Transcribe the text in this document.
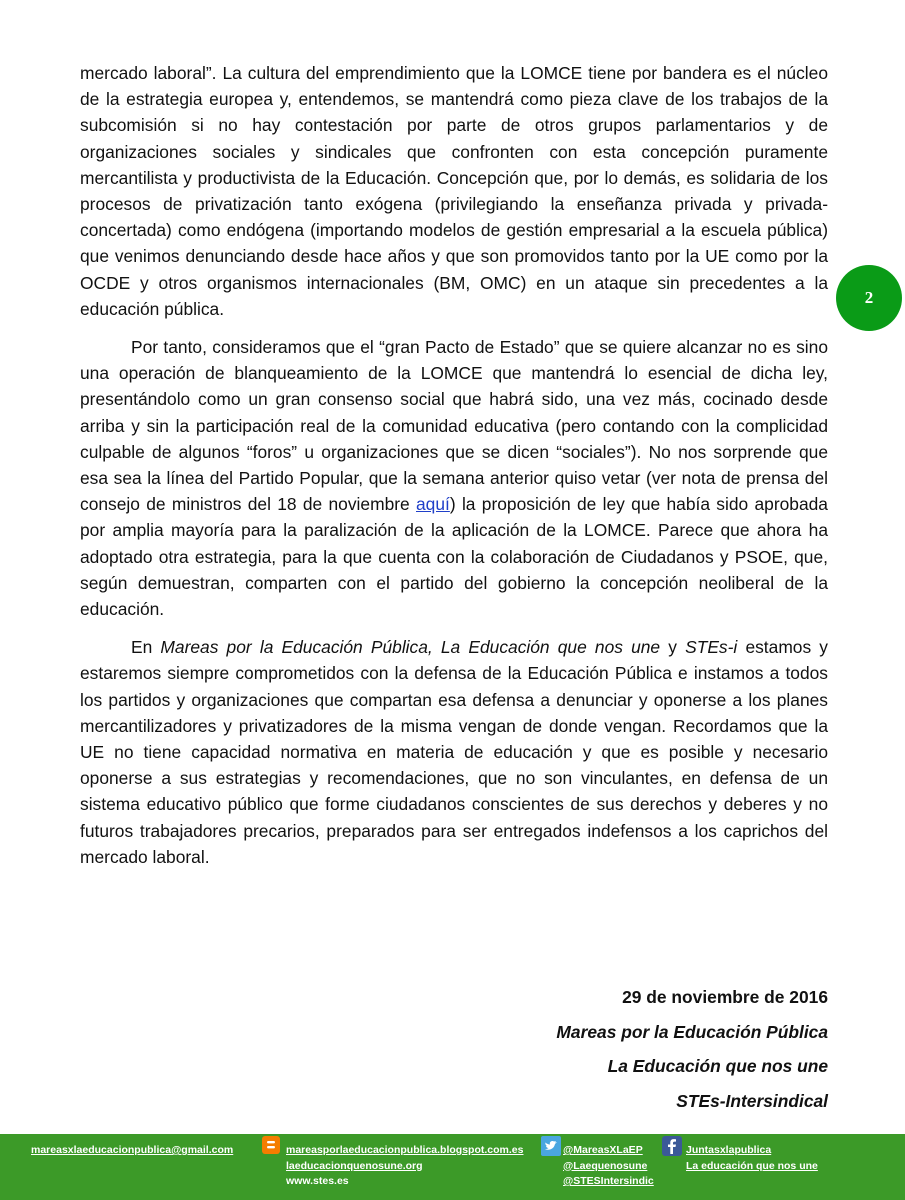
mercado laboral”. La cultura del emprendimiento que la LOMCE tiene por bandera es el núcleo de la estrategia europea y, entendemos, se mantendrá como pieza clave de los trabajos de la subcomisión si no hay contestación por parte de otros grupos parlamentarios y de organizaciones sociales y sindicales que confronten con esta concepción puramente mercantilista y productivista de la Educación. Concepción que, por lo demás, es solidaria de los procesos de privatización tanto exógena (privilegiando la enseñanza privada y privada-concertada) como endógena (importando modelos de gestión empresarial a la escuela pública) que venimos denunciando desde hace años y que son promovidos tanto por la UE como por la OCDE y otros organismos internacionales (BM, OMC) en un ataque sin precedentes a la educación pública.

Por tanto, consideramos que el “gran Pacto de Estado” que se quiere alcanzar no es sino una operación de blanqueamiento de la LOMCE que mantendrá lo esencial de dicha ley, presentándolo como un gran consenso social que habrá sido, una vez más, cocinado desde arriba y sin la participación real de la comunidad educativa (pero contando con la complicidad culpable de algunos “foros” u organizaciones que se dicen “sociales”). No nos sorprende que esa sea la línea del Partido Popular, que la semana anterior quiso vetar (ver nota de prensa del consejo de ministros del 18 de noviembre aquí) la proposición de ley que había sido aprobada por amplia mayoría para la paralización de la aplicación de la LOMCE. Parece que ahora ha adoptado otra estrategia, para la que cuenta con la colaboración de Ciudadanos y PSOE, que, según demuestran, comparten con el partido del gobierno la concepción neoliberal de la educación.

En Mareas por la Educación Pública, La Educación que nos une y STEs-i estamos y estaremos siempre comprometidos con la defensa de la Educación Pública e instamos a todos los partidos y organizaciones que compartan esa defensa a denunciar y oponerse a los planes mercantilizadores y privatizadores de la misma vengan de donde vengan. Recordamos que la UE no tiene capacidad normativa en materia de educación y que es posible y necesario oponerse a sus estrategias y recomendaciones, que no son vinculantes, en defensa de un sistema educativo público que forme ciudadanos conscientes de sus derechos y deberes y no futuros trabajadores precarios, preparados para ser entregados indefensos a los caprichos del mercado laboral.

2
29 de noviembre de 2016
Mareas por la Educación Pública
La Educación que nos une
STEs-Intersindical
mareasxlaeducacionpublica@gmail.com	mareasporlaeducacionpublica.blogspot.com.es
laeducacionquenosune.org
www.stes.es
@MareasXLaEP
@Laequenosune
@STESIntersindic
Juntasxlapublica
La educación que nos une
